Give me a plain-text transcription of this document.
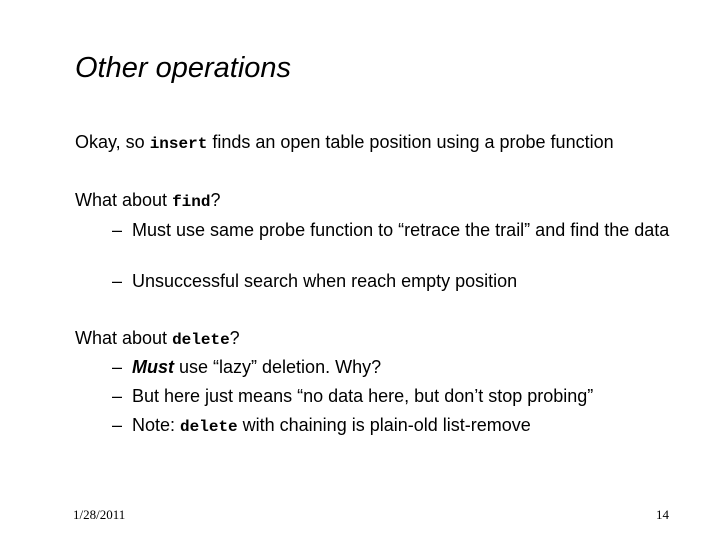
Other operations
Okay, so insert finds an open table position using a probe function
What about find?
– Must use same probe function to “retrace the trail” and find the data
– Unsuccessful search when reach empty position
What about delete?
– Must use “lazy” deletion. Why?
– But here just means “no data here, but don’t stop probing”
– Note: delete with chaining is plain-old list-remove
1/28/2011	14
